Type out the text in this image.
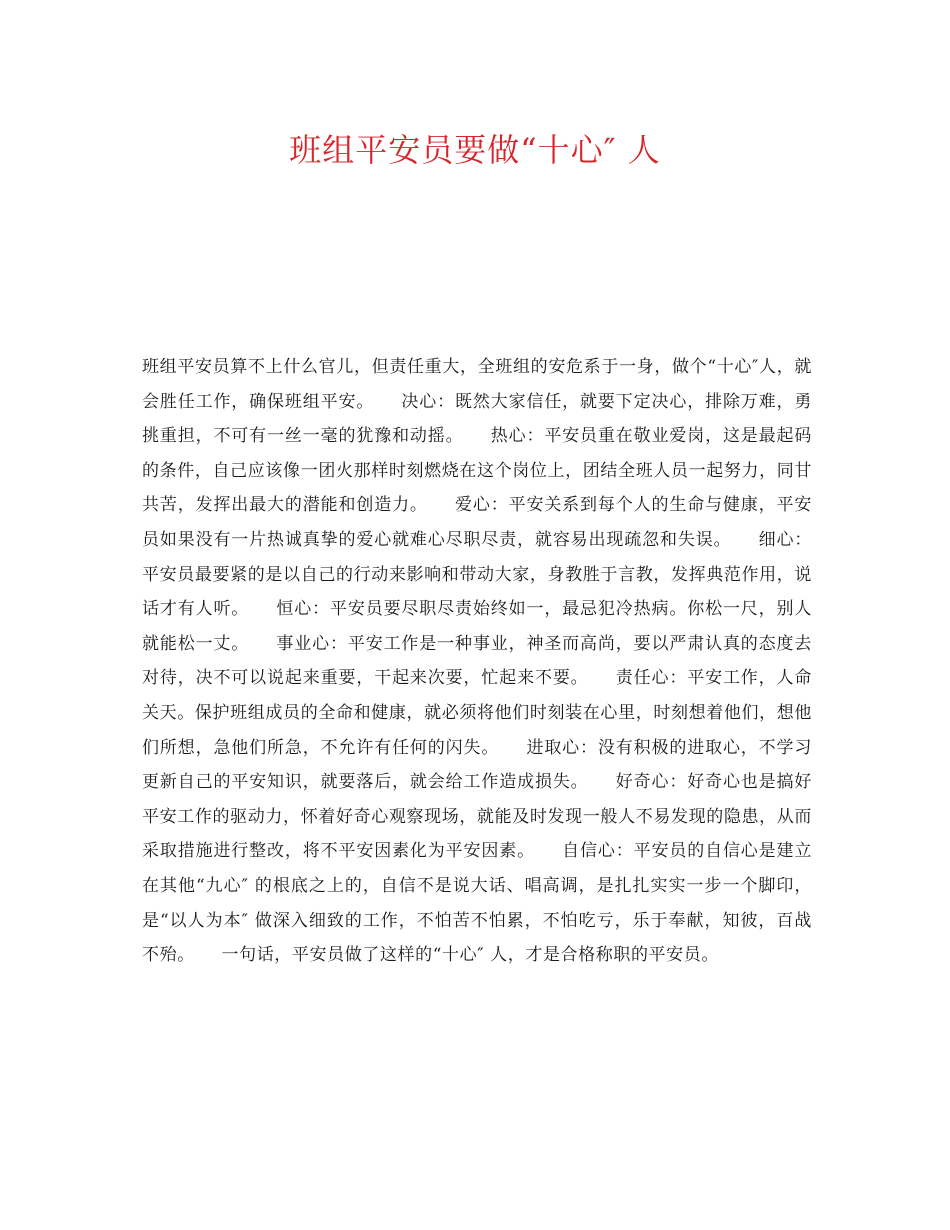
班组平安员要做“十心″ 人
班组平安员算不上什么官儿，但责任重大，全班组的安危系于一身，做个“十心″人，就会胜任工作，确保班组平安。　　决心：既然大家信任，就要下定决心，排除万难，勇挑重担，不可有一丝一毫的犹豫和动摇。　　热心：平安员重在敬业爱岗，这是最起码的条件，自己应该像一团火那样时刻燃烧在这个岗位上，团结全班人员一起努力，同甘共苦，发挥出最大的潜能和创造力。　　爱心：平安关系到每个人的生命与健康，平安员如果没有一片热诚真挚的爱心就难心尽职尽责，就容易出现疏忽和失误。　　细心：平安员最要紧的是以自己的行动来影响和带动大家，身教胜于言教，发挥典范作用，说话才有人听。　　恒心：平安员要尽职尽责始终如一，最忌犯冷热病。你松一尺，别人就能松一丈。　　事业心：平安工作是一种事业，神圣而高尚，要以严肃认真的态度去对待，决不可以说起来重要，干起来次要，忙起来不要。　　责任心：平安工作，人命关天。保护班组成员的全命和健康，就必须将他们时刻装在心里，时刻想着他们，想他们所想，急他们所急，不允许有任何的闪失。　　进取心：没有积极的进取心，不学习更新自己的平安知识，就要落后，就会给工作造成损失。　　好奇心：好奇心也是搞好平安工作的驱动力，怀着好奇心观察现场，就能及时发现一般人不易发现的隐患，从而采取措施进行整改，将不平安因素化为平安因素。　　自信心：平安员的自信心是建立在其他“九心″ 的根底之上的，自信不是说大话、唱高调，是扎扎实实一步一个脚印，是“以人为本″ 做深入细致的工作，不怕苦不怕累，不怕吃亏，乐于奉献，知彼，百战不殆。　　一句话，平安员做了这样的“十心″ 人，才是合格称职的平安员。
